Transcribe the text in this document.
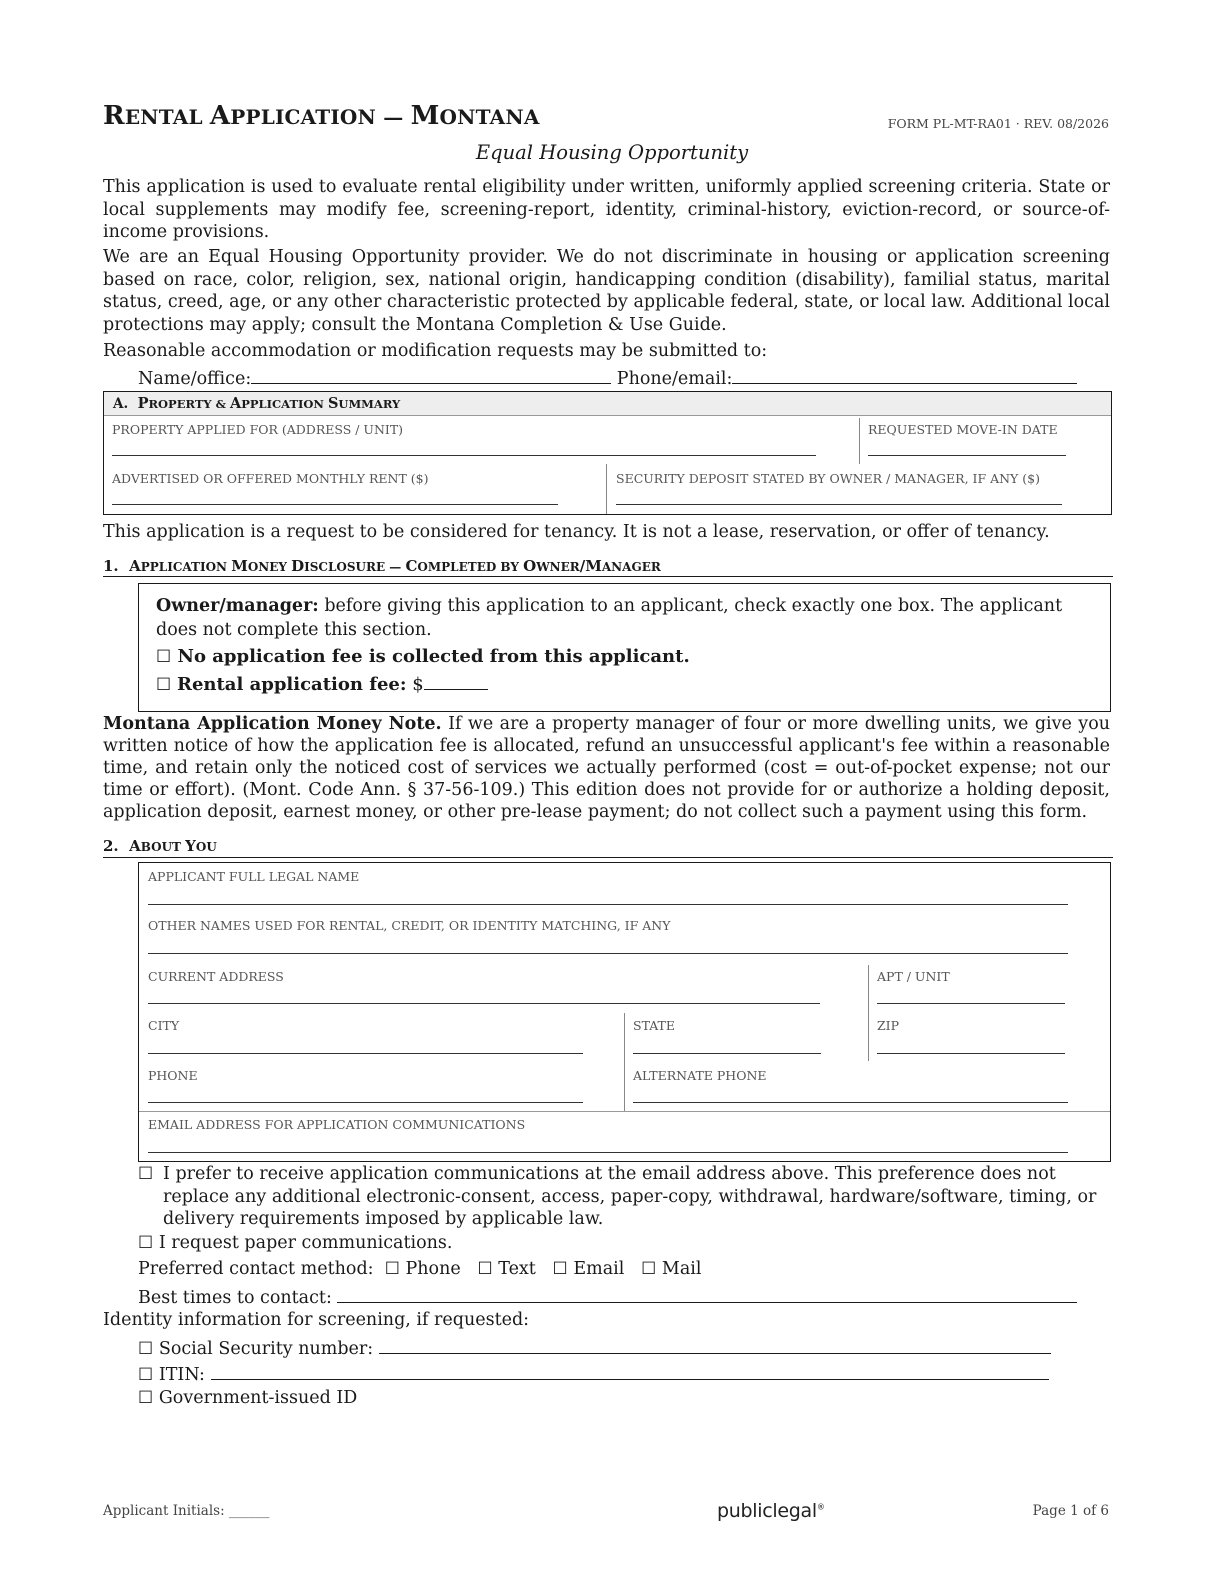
RENTAL APPLICATION — MONTANA	FORM PL-MT-RA01 · REV. 08/2026
Equal Housing Opportunity
This application is used to evaluate rental eligibility under written, uniformly applied screening criteria. State or local supplements may modify fee, screening-report, identity, criminal-history, eviction-record, or source-of-income provisions.
We are an Equal Housing Opportunity provider. We do not discriminate in housing or application screening based on race, color, religion, sex, national origin, handicapping condition (disability), familial status, marital status, creed, age, or any other characteristic protected by applicable federal, state, or local law. Additional local protections may apply; consult the Montana Completion & Use Guide.
Reasonable accommodation or modification requests may be submitted to:
Name/office:	Phone/email:
A.  PROPERTY & APPLICATION SUMMARY
PROPERTY APPLIED FOR (ADDRESS / UNIT)	REQUESTED MOVE-IN DATE
ADVERTISED OR OFFERED MONTHLY RENT ($)	SECURITY DEPOSIT STATED BY OWNER / MANAGER, IF ANY ($)
This application is a request to be considered for tenancy. It is not a lease, reservation, or offer of tenancy.
1.  APPLICATION MONEY DISCLOSURE — COMPLETED BY OWNER/MANAGER
Owner/manager: before giving this application to an applicant, check exactly one box. The applicant does not complete this section.
☐ No application fee is collected from this applicant.
☐ Rental application fee: $
Montana Application Money Note. If we are a property manager of four or more dwelling units, we give you written notice of how the application fee is allocated, refund an unsuccessful applicant's fee within a reasonable time, and retain only the noticed cost of services we actually performed (cost = out-of-pocket expense; not our time or effort). (Mont. Code Ann. § 37-56-109.) This edition does not provide for or authorize a holding deposit, application deposit, earnest money, or other pre-lease payment; do not collect such a payment using this form.
2.  ABOUT YOU
APPLICANT FULL LEGAL NAME
OTHER NAMES USED FOR RENTAL, CREDIT, OR IDENTITY MATCHING, IF ANY
CURRENT ADDRESS	APT / UNIT
CITY	STATE	ZIP
PHONE	ALTERNATE PHONE
EMAIL ADDRESS FOR APPLICATION COMMUNICATIONS
☐ I prefer to receive application communications at the email address above. This preference does not replace any additional electronic-consent, access, paper-copy, withdrawal, hardware/software, timing, or delivery requirements imposed by applicable law.
☐ I request paper communications.
Preferred contact method: ☐ Phone ☐ Text ☐ Email ☐ Mail
Best times to contact:
Identity information for screening, if requested:
☐ Social Security number:
☐ ITIN:
☐ Government-issued ID
Applicant Initials: ______	publiclegal®	Page 1 of 6
